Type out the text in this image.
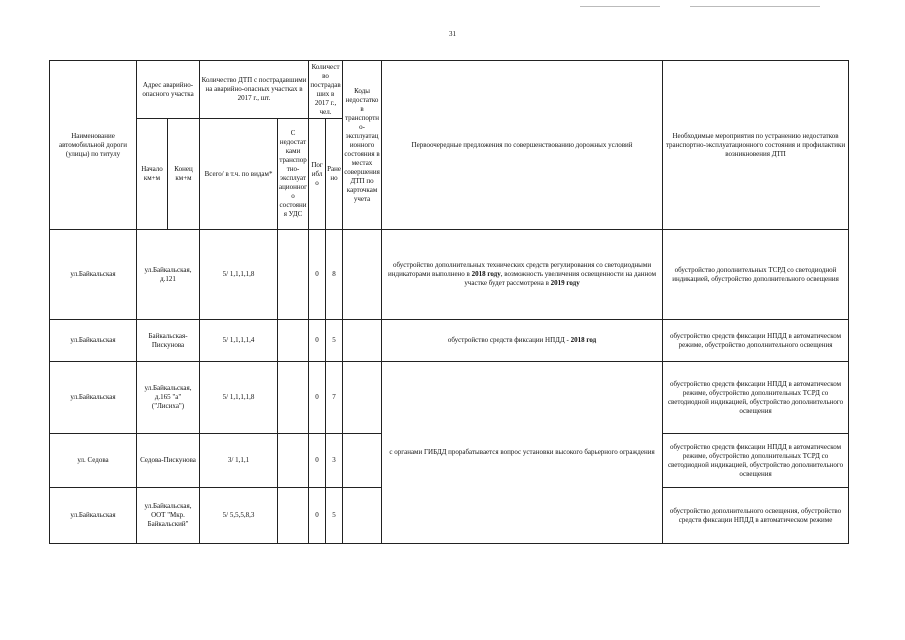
31
Наименование автомобильной дороги (улицы) по титулу	Адрес аварийно-опасного участка		Количество ДТП с пострадавшими на аварийно-опасных участках в 2017 г., шт.		Количество пострадавших в 2017 г., чел.		Коды недостатков транспортно-эксплуатационного состояния в местах совершения ДТП по карточкам учета	Первоочередные предложения по совершенствованию дорожных условий	Необходимые мероприятия по устранению недостатков транспортно-эксплуатационного состояния и профилактики возникновения ДТП
	Начало км+м	Конец км+м	Всего/ в т.ч. по видам*	С недостатками транспортно-эксплуатационного состояния УДС	Погибло	Ранено			
ул.Байкальская	ул.Байкальская, д.121		5/ 1,1,1,1,8		0	8		обустройство дополнительных технических средств регулирования со светодиодными индикаторами выполнено в 2018 году, возможность увеличения освещенности на данном участке будет рассмотрена в 2019 году	обустройство дополнительных ТСРД со светодиодной индикацией, обустройство дополнительного освещения
ул.Байкальская	Байкальская-Пискунова		5/ 1,1,1,1,4		0	5		обустройство средств фиксации НПДД - 2018 год	обустройство средств фиксации НПДД в автоматическом режиме, обустройство дополнительного освещения
ул.Байкальская	ул.Байкальская, д.165 "а" ("Лисиха")		5/ 1,1,1,1,8		0	7		с органами ГИБДД прорабатывается вопрос установки высокого барьерного ограждения	обустройство средств фиксации НПДД в автоматическом режиме, обустройство дополнительных ТСРД со светодиодной индикацией, обустройство дополнительного освещения
ул. Седова	Седова-Пискунова		3/ 1,1,1		0	3			обустройство средств фиксации НПДД в автоматическом режиме, обустройство дополнительных ТСРД со светодиодной индикацией, обустройство дополнительного освещения
ул.Байкальская	ул.Байкальская, ООТ "Мкр. Байкальский"		5/ 5,5,5,8,3		0	5			обустройство дополнительного освещения, обустройство средств фиксации НПДД в автоматическом режиме
